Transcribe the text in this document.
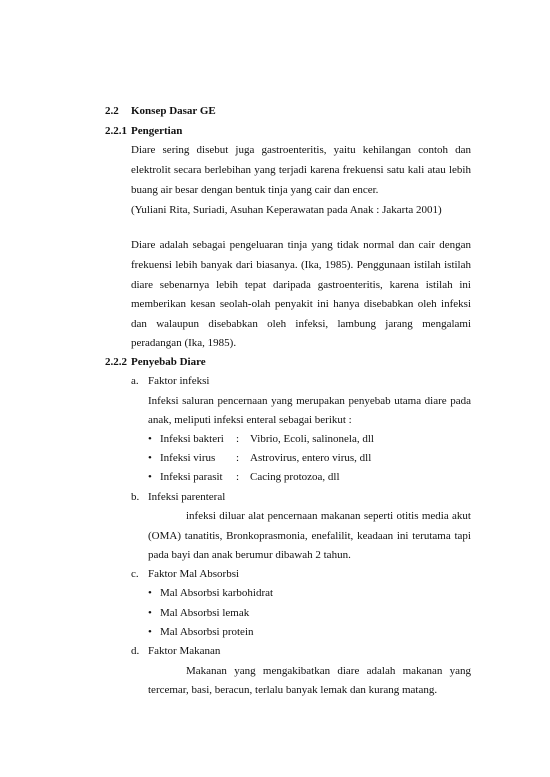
2.2 Konsep Dasar GE
2.2.1 Pengertian
Diare sering disebut juga gastroenteritis, yaitu kehilangan contoh dan
elektrolit secara berlebihan yang terjadi karena frekuensi satu kali atau lebih
buang air besar dengan bentuk tinja yang cair dan encer.
(Yuliani Rita, Suriadi, Asuhan Keperawatan pada Anak : Jakarta 2001)
Diare adalah sebagai pengeluaran tinja yang tidak normal dan cair dengan
frekuensi lebih banyak dari biasanya. (Ika, 1985). Penggunaan istilah istilah
diare sebenarnya lebih tepat daripada gastroenteritis, karena istilah ini
memberikan kesan seolah-olah penyakit ini hanya disebabkan oleh infeksi
dan walaupun disebabkan oleh infeksi, lambung jarang mengalami
peradangan (Ika, 1985).
2.2.2 Penyebab Diare
a. Faktor infeksi
Infeksi saluran pencernaan yang merupakan penyebab utama diare pada
anak, meliputi infeksi enteral sebagai berikut :
Infeksi bakteri : Vibrio, Ecoli, salinonela, dll
Infeksi virus : Astrovirus, entero virus, dll
Infeksi parasit : Cacing protozoa, dll
b. Infeksi parenteral
infeksi diluar alat pencernaan makanan seperti otitis media akut
(OMA) tanatitis, Bronkoprasmonia, enefalilit, keadaan ini terutama tapi
pada bayi dan anak berumur dibawah 2 tahun.
c. Faktor Mal Absorbsi
Mal Absorbsi karbohidrat
Mal Absorbsi lemak
Mal Absorbsi protein
d. Faktor Makanan
Makanan yang mengakibatkan diare adalah makanan yang
tercemar, basi, beracun, terlalu banyak lemak dan kurang matang.
